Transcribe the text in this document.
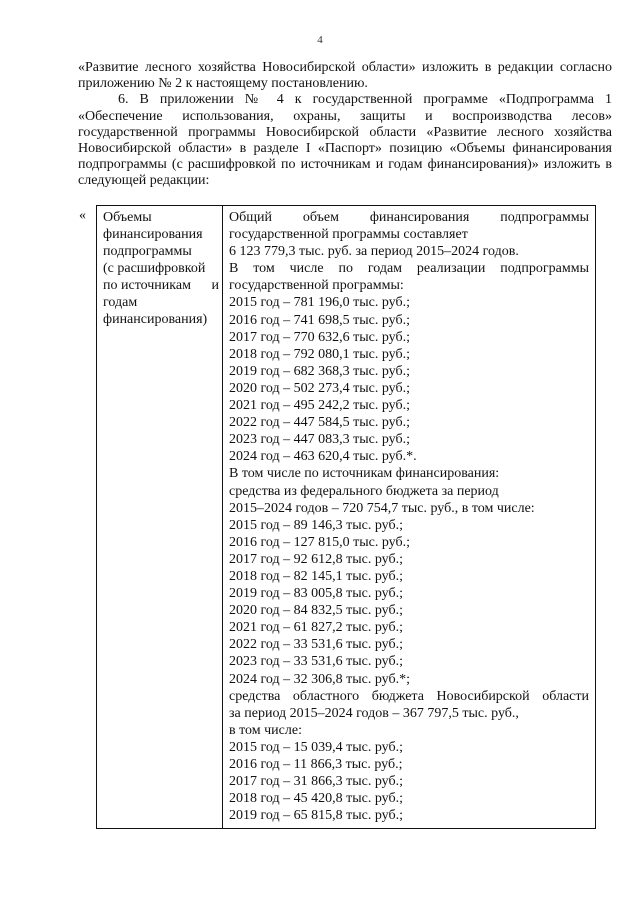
4

«Развитие лесного хозяйства Новосибирской области» изложить в редакции согласно приложению № 2 к настоящему постановлению.

6. В приложении № 4 к государственной программе «Подпрограмма 1 «Обеспечение использования, охраны, защиты и воспроизводства лесов» государственной программы Новосибирской области «Развитие лесного хозяйства Новосибирской области» в разделе I «Паспорт» позицию «Объемы финансирования подпрограммы (с расшифровкой по источникам и годам финансирования)» изложить в следующей редакции:

« Объемы
финансирования
подпрограммы
(с расшифровкой
по источникам и
годам
финансирования)
Общий объем финансирования подпрограммы
государственной программы составляет
6 123 779,3 тыс. руб. за период 2015–2024 годов.
В том числе по годам реализации подпрограммы
государственной программы:
2015 год – 781 196,0 тыс. руб.;
2016 год – 741 698,5 тыс. руб.;
2017 год – 770 632,6 тыс. руб.;
2018 год – 792 080,1 тыс. руб.;
2019 год – 682 368,3 тыс. руб.;
2020 год – 502 273,4 тыс. руб.;
2021 год – 495 242,2 тыс. руб.;
2022 год – 447 584,5 тыс. руб.;
2023 год – 447 083,3 тыс. руб.;
2024 год – 463 620,4 тыс. руб.*.
В том числе по источникам финансирования:
средства из федерального бюджета за период
2015–2024 годов – 720 754,7 тыс. руб., в том числе:
2015 год – 89 146,3 тыс. руб.;
2016 год – 127 815,0 тыс. руб.;
2017 год – 92 612,8 тыс. руб.;
2018 год – 82 145,1 тыс. руб.;
2019 год – 83 005,8 тыс. руб.;
2020 год – 84 832,5 тыс. руб.;
2021 год – 61 827,2 тыс. руб.;
2022 год – 33 531,6 тыс. руб.;
2023 год – 33 531,6 тыс. руб.;
2024 год – 32 306,8 тыс. руб.*;
средства областного бюджета Новосибирской области
за период 2015–2024 годов – 367 797,5 тыс. руб.,
в том числе:
2015 год – 15 039,4 тыс. руб.;
2016 год – 11 866,3 тыс. руб.;
2017 год – 31 866,3 тыс. руб.;
2018 год – 45 420,8 тыс. руб.;
2019 год – 65 815,8 тыс. руб.;
